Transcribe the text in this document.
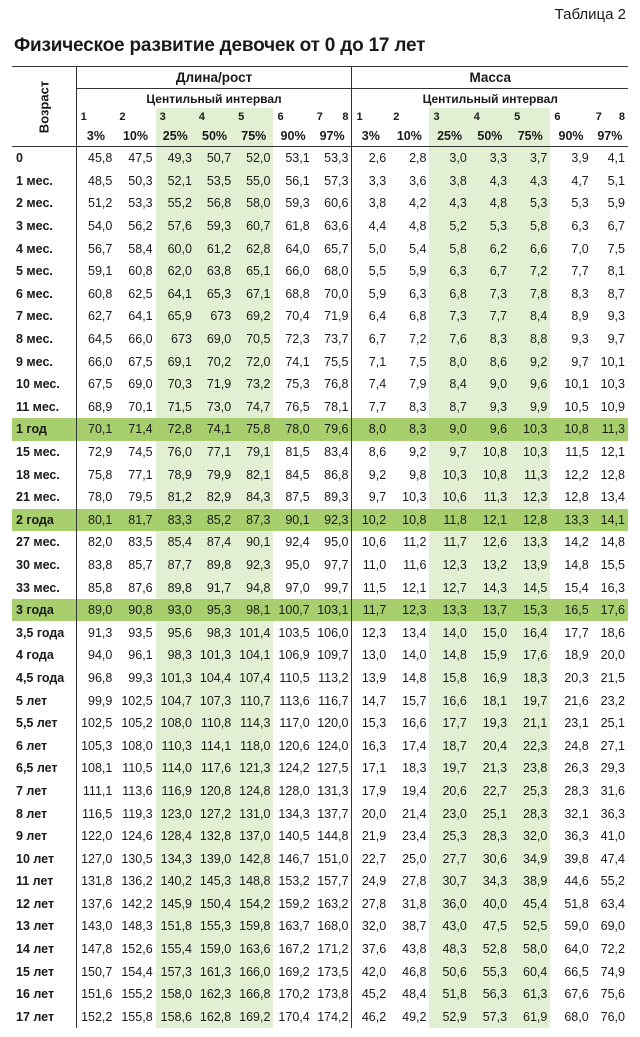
Таблица 2
Физическое развитие девочек от 0 до 17 лет
Возраст	Длина/рост							Масса						
	Центильный интервал							Центильный интервал						
	1	2	3	4	5	6	7 8	1	2	3	4	5	6	7 8

	3%	10%	25%	50%	75%	90%	97%	3%	10%	25%	50%	75%	90%	97%
0	45,8	47,5	49,3	50,7	52,0	53,1	53,3	2,6	2,8	3,0	3,3	3,7	3,9	4,1
1 мес.	48,5	50,3	52,1	53,5	55,0	56,1	57,3	3,3	3,6	3,8	4,3	4,3	4,7	5,1
2 мес.	51,2	53,3	55,2	56,8	58,0	59,3	60,6	3,8	4,2	4,3	4,8	5,3	5,3	5,9
3 мес.	54,0	56,2	57,6	59,3	60,7	61,8	63,6	4,4	4,8	5,2	5,3	5,8	6,3	6,7
4 мес.	56,7	58,4	60,0	61,2	62,8	64,0	65,7	5,0	5,4	5,8	6,2	6,6	7,0	7,5
5 мес.	59,1	60,8	62,0	63,8	65,1	66,0	68,0	5,5	5,9	6,3	6,7	7,2	7,7	8,1
6 мес.	60,8	62,5	64,1	65,3	67,1	68,8	70,0	5,9	6,3	6,8	7,3	7,8	8,3	8,7
7 мес.	62,7	64,1	65,9	673	69,2	70,4	71,9	6,4	6,8	7,3	7,7	8,4	8,9	9,3
8 мес.	64,5	66,0	673	69,0	70,5	72,3	73,7	6,7	7,2	7,6	8,3	8,8	9,3	9,7
9 мес.	66,0	67,5	69,1	70,2	72,0	74,1	75,5	7,1	7,5	8,0	8,6	9,2	9,7	10,1
10 мес.	67,5	69,0	70,3	71,9	73,2	75,3	76,8	7,4	7,9	8,4	9,0	9,6	10,1	10,3
11 мес.	68,9	70,1	71,5	73,0	74,7	76,5	78,1	7,7	8,3	8,7	9,3	9,9	10,5	10,9
1 год	70,1	71,4	72,8	74,1	75,8	78,0	79,6	8,0	8,3	9,0	9,6	10,3	10,8	11,3
15 мес.	72,9	74,5	76,0	77,1	79,1	81,5	83,4	8,6	9,2	9,7	10,8	10,3	11,5	12,1
18 мес.	75,8	77,1	78,9	79,9	82,1	84,5	86,8	9,2	9,8	10,3	10,8	11,3	12,2	12,8
21 мес.	78,0	79,5	81,2	82,9	84,3	87,5	89,3	9,7	10,3	10,6	11,3	12,3	12,8	13,4
2 года	80,1	81,7	83,3	85,2	87,3	90,1	92,3	10,2	10,8	11,8	12,1	12,8	13,3	14,1
27 мес.	82,0	83,5	85,4	87,4	90,1	92,4	95,0	10,6	11,2	11,7	12,6	13,3	14,2	14,8
30 мес.	83,8	85,7	87,7	89,8	92,3	95,0	97,7	11,0	11,6	12,3	13,2	13,9	14,8	15,5
33 мес.	85,8	87,6	89,8	91,7	94,8	97,0	99,7	11,5	12,1	12,7	14,3	14,5	15,4	16,3
3 года	89,0	90,8	93,0	95,3	98,1	100,7	103,1	11,7	12,3	13,3	13,7	15,3	16,5	17,6
3,5 года	91,3	93,5	95,6	98,3	101,4	103,5	106,0	12,3	13,4	14,0	15,0	16,4	17,7	18,6
4 года	94,0	96,1	98,3	101,3	104,1	106,9	109,7	13,0	14,0	14,8	15,9	17,6	18,9	20,0
4,5 года	96,8	99,3	101,3	104,4	107,4	110,5	113,2	13,9	14,8	15,8	16,9	18,3	20,3	21,5
5 лет	99,9	102,5	104,7	107,3	110,7	113,6	116,7	14,7	15,7	16,6	18,1	19,7	21,6	23,2
5,5 лет	102,5	105,2	108,0	110,8	114,3	117,0	120,0	15,3	16,6	17,7	19,3	21,1	23,1	25,1
6 лет	105,3	108,0	110,3	114,1	118,0	120,6	124,0	16,3	17,4	18,7	20,4	22,3	24,8	27,1
6,5 лет	108,1	110,5	114,0	117,6	121,3	124,2	127,5	17,1	18,3	19,7	21,3	23,8	26,3	29,3
7 лет	111,1	113,6	116,9	120,8	124,8	128,0	131,3	17,9	19,4	20,6	22,7	25,3	28,3	31,6
8 лет	116,5	119,3	123,0	127,2	131,0	134,3	137,7	20,0	21,4	23,0	25,1	28,3	32,1	36,3
9 лет	122,0	124,6	128,4	132,8	137,0	140,5	144,8	21,9	23,4	25,3	28,3	32,0	36,3	41,0
10 лет	127,0	130,5	134,3	139,0	142,8	146,7	151,0	22,7	25,0	27,7	30,6	34,9	39,8	47,4
11 лет	131,8	136,2	140,2	145,3	148,8	153,2	157,7	24,9	27,8	30,7	34,3	38,9	44,6	55,2
12 лет	137,6	142,2	145,9	150,4	154,2	159,2	163,2	27,8	31,8	36,0	40,0	45,4	51,8	63,4
13 лет	143,0	148,3	151,8	155,3	159,8	163,7	168,0	32,0	38,7	43,0	47,5	52,5	59,0	69,0
14 лет	147,8	152,6	155,4	159,0	163,6	167,2	171,2	37,6	43,8	48,3	52,8	58,0	64,0	72,2
15 лет	150,7	154,4	157,3	161,3	166,0	169,2	173,5	42,0	46,8	50,6	55,3	60,4	66,5	74,9
16 лет	151,6	155,2	158,0	162,3	166,8	170,2	173,8	45,2	48,4	51,8	56,3	61,3	67,6	75,6
17 лет	152,2	155,8	158,6	162,8	169,2	170,4	174,2	46,2	49,2	52,9	57,3	61,9	68,0	76,0
